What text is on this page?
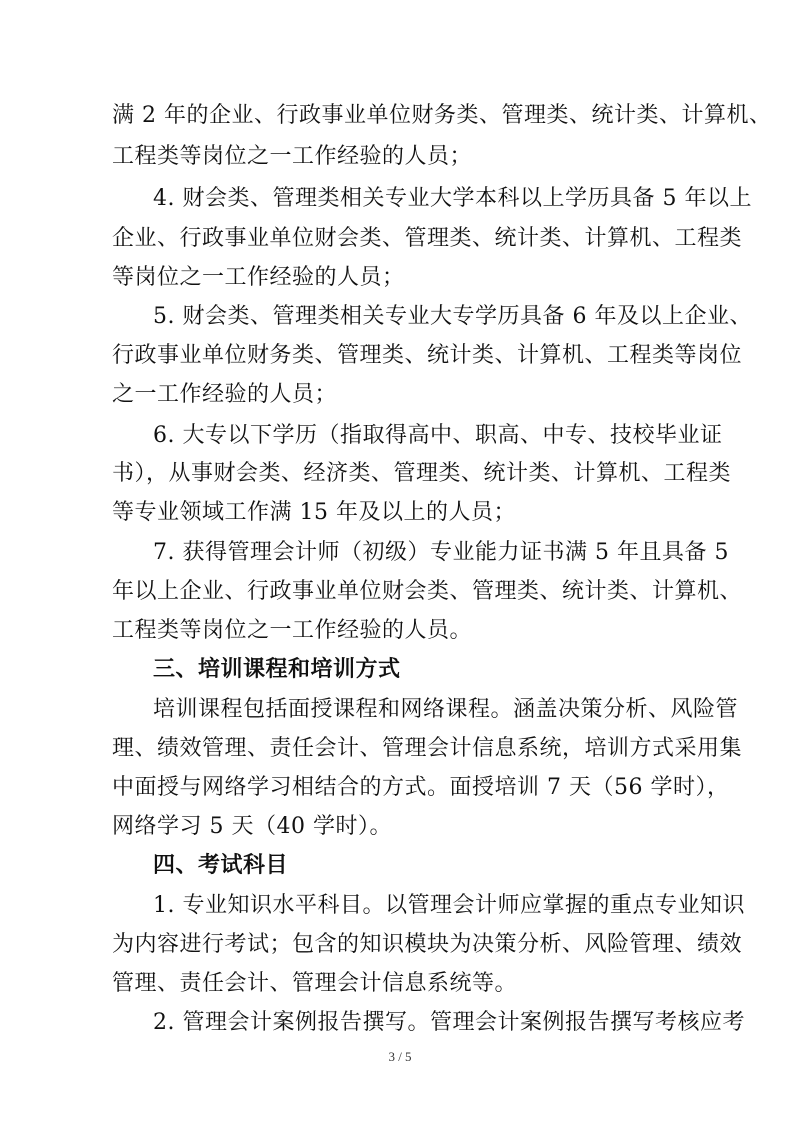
满 2 年的企业、行政事业单位财务类、管理类、统计类、计算机、
工程类等岗位之一工作经验的人员；
4. 财会类、管理类相关专业大学本科以上学历具备 5 年以上
企业、行政事业单位财会类、管理类、统计类、计算机、工程类
等岗位之一工作经验的人员；
5. 财会类、管理类相关专业大专学历具备 6 年及以上企业、
行政事业单位财务类、管理类、统计类、计算机、工程类等岗位
之一工作经验的人员；
6. 大专以下学历（指取得高中、职高、中专、技校毕业证
书），从事财会类、经济类、管理类、统计类、计算机、工程类
等专业领域工作满 15 年及以上的人员；
7. 获得管理会计师（初级）专业能力证书满 5 年且具备 5
年以上企业、行政事业单位财会类、管理类、统计类、计算机、
工程类等岗位之一工作经验的人员。
三、培训课程和培训方式
培训课程包括面授课程和网络课程。涵盖决策分析、风险管
理、绩效管理、责任会计、管理会计信息系统，培训方式采用集
中面授与网络学习相结合的方式。面授培训 7 天（56 学时），
网络学习 5 天（40 学时）。
四、考试科目
1. 专业知识水平科目。以管理会计师应掌握的重点专业知识
为内容进行考试；包含的知识模块为决策分析、风险管理、绩效
管理、责任会计、管理会计信息系统等。
2. 管理会计案例报告撰写。管理会计案例报告撰写考核应考
3 / 5
